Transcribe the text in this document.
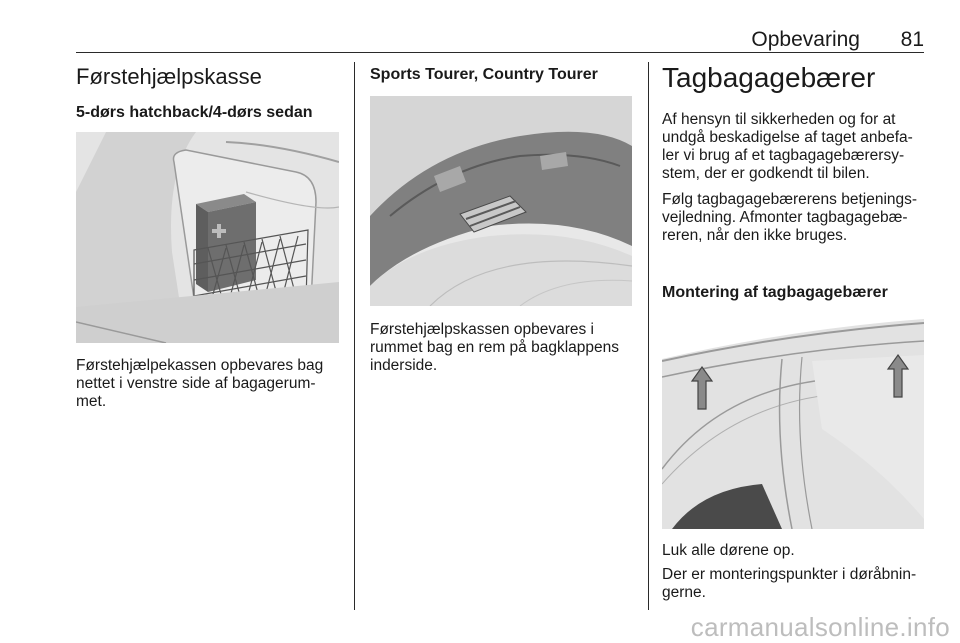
Opbevaring	81
Førstehjælpskasse
5-dørs hatchback/4-dørs sedan

Førstehjælpekassen opbevares bag

nettet i venstre side af bagagerum-

met.

Sports Tourer, Country Tourer

Førstehjælpskassen opbevares i

rummet bag en rem på bagklappens

inderside.

Tagbagagebærer

Af hensyn til sikkerheden og for at

undgå beskadigelse af taget anbefa-

ler vi brug af et tagbagagebærersy-

stem, der er godkendt til bilen.

Følg tagbagagebærerens betjenings-

vejledning. Afmonter tagbagagebæ-

reren, når den ikke bruges.

Montering af tagbagagebærer

Luk alle dørene op.

Der er monteringspunkter i døråbnin-

gerne.

carmanualsonline.info
